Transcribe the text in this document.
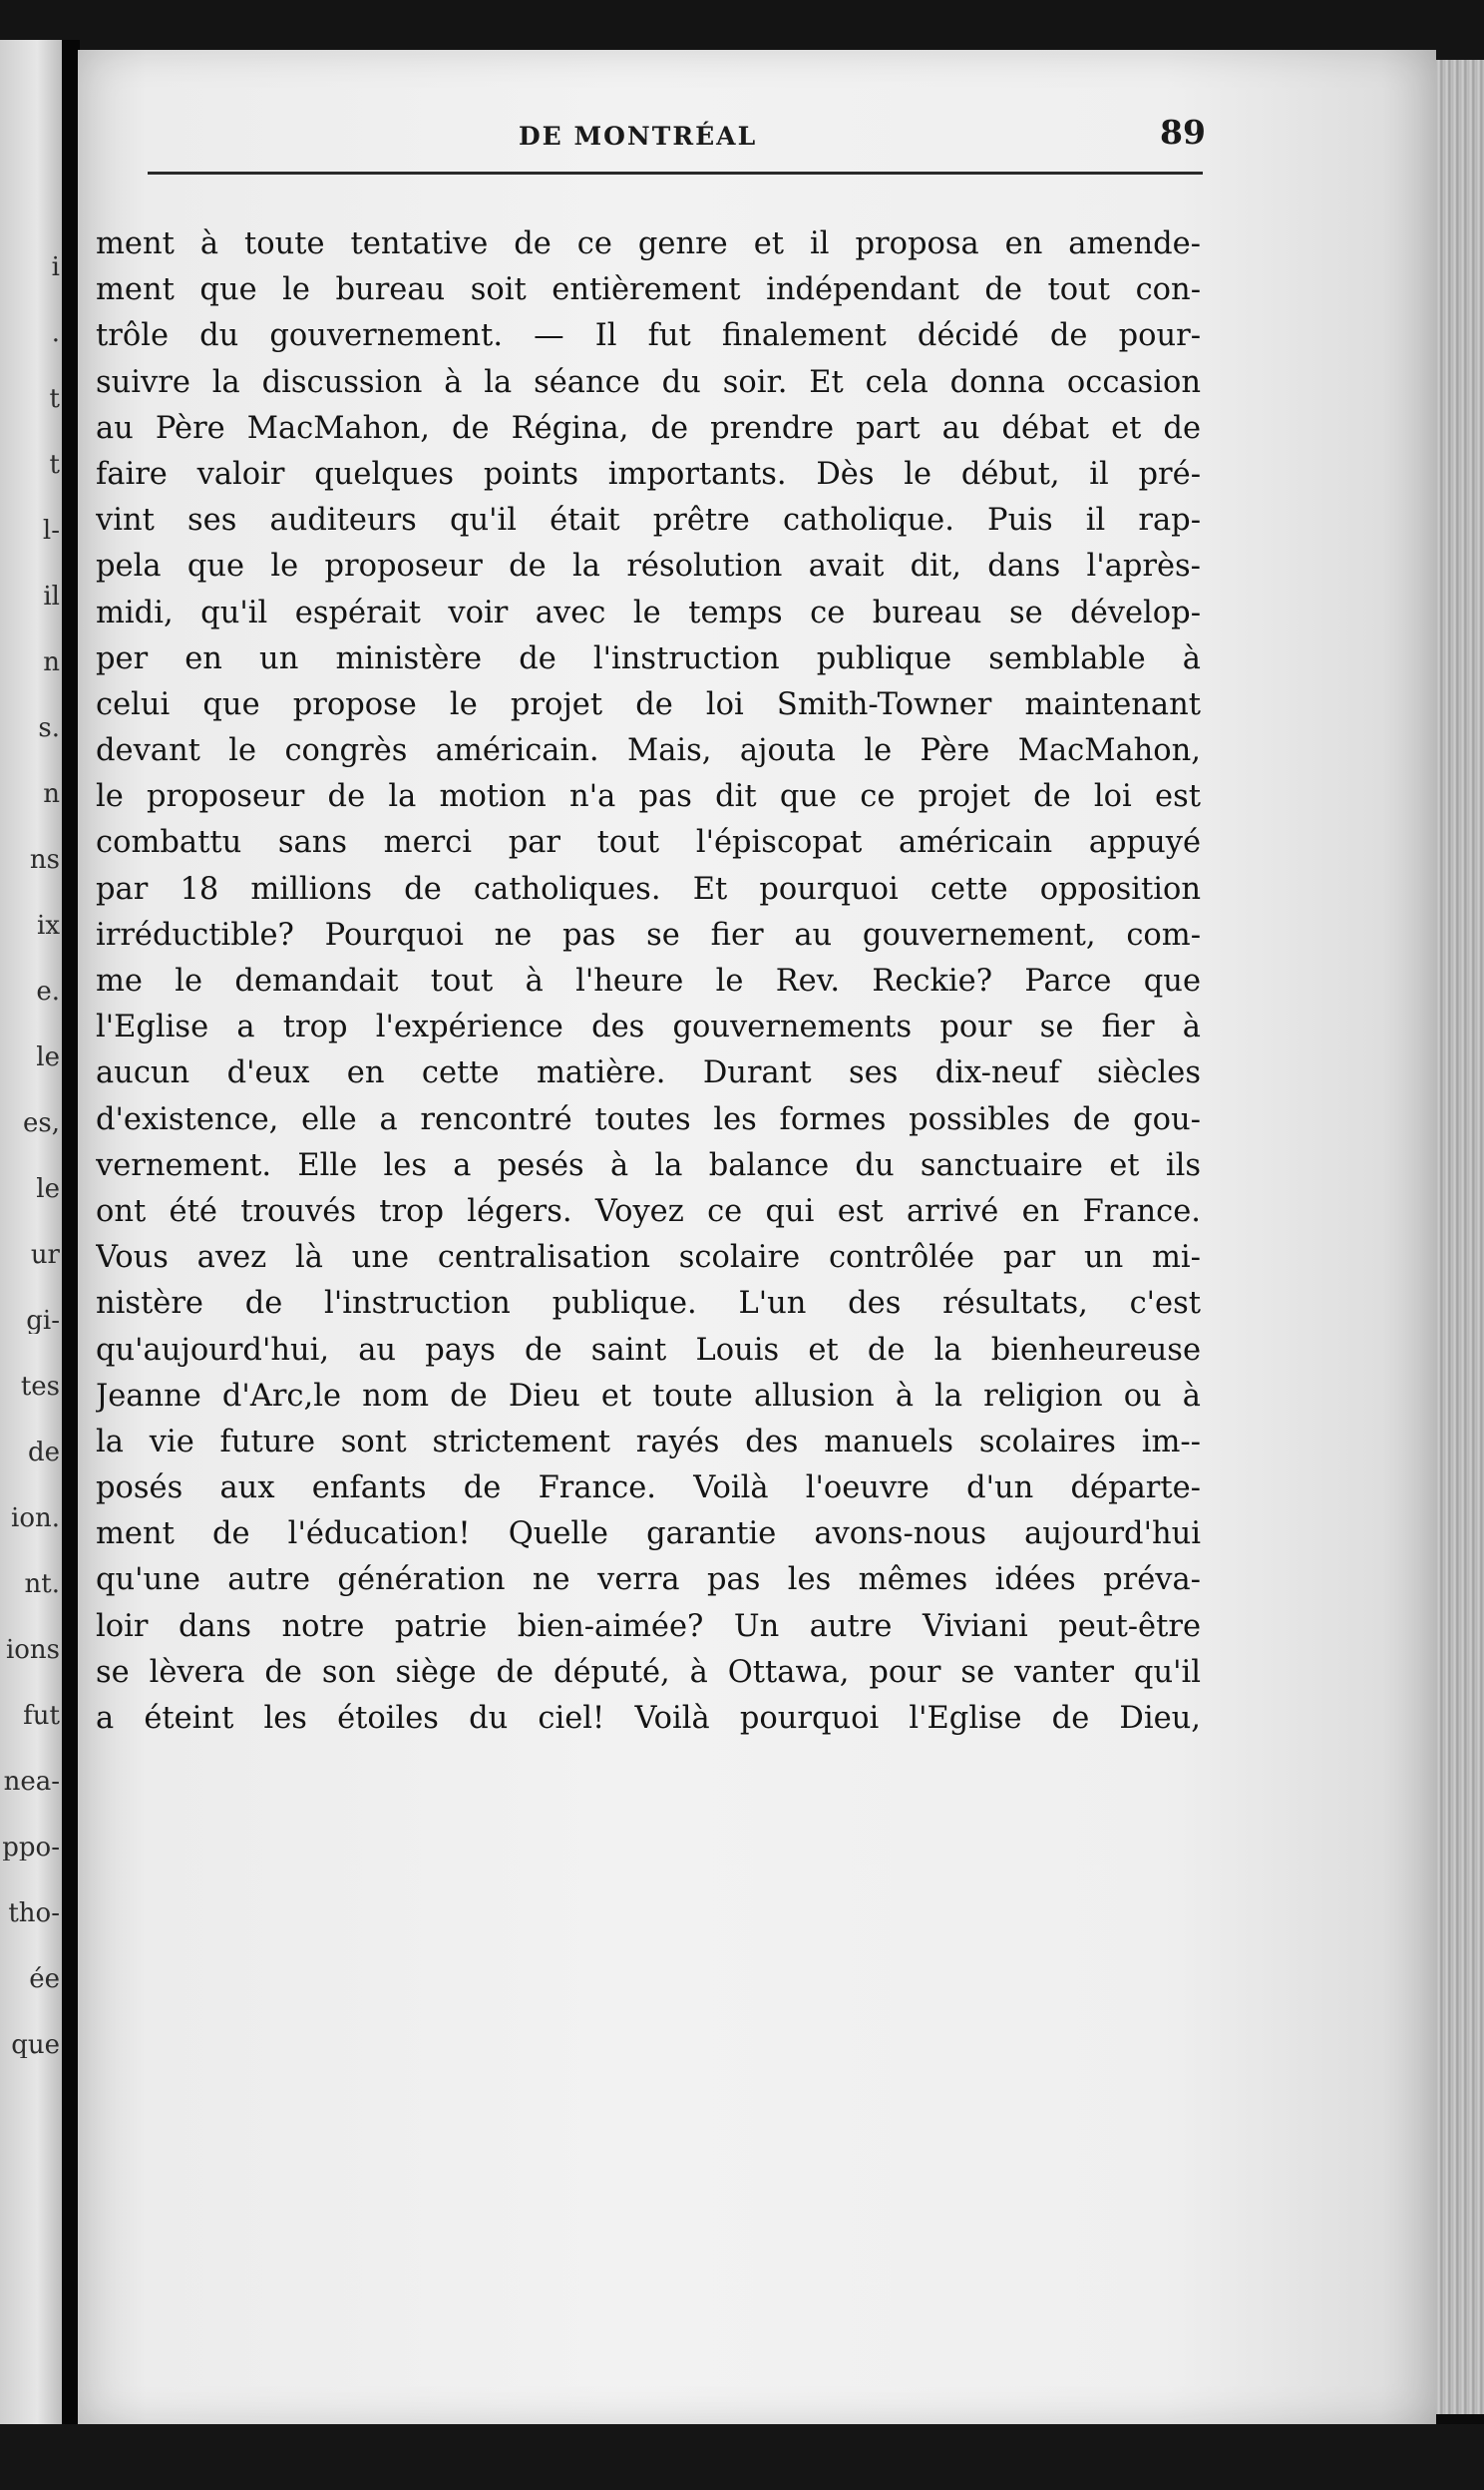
i
.
t
t
l-
il
n
s.
n
ns
ix
e.
le
es,
le
ur
gi-
tes
de
ion.
nt.
ions
fut
nea-
ppo-
tho-
ée
que
DE MONTRÉAL	89
ment à toute tentative de ce genre et il proposa en amende-
ment que le bureau soit entièrement indépendant de tout con-
trôle du gouvernement. — Il fut finalement décidé de pour-
suivre la discussion à la séance du soir. Et cela donna occasion
au Père MacMahon, de Régina, de prendre part au débat et de
faire valoir quelques points importants. Dès le début, il pré-
vint ses auditeurs qu'il était prêtre catholique. Puis il rap-
pela que le proposeur de la résolution avait dit, dans l'après-
midi, qu'il espérait voir avec le temps ce bureau se dévelop-
per en un ministère de l'instruction publique semblable à
celui que propose le projet de loi Smith-Towner maintenant
devant le congrès américain. Mais, ajouta le Père MacMahon,
le proposeur de la motion n'a pas dit que ce projet de loi est
combattu sans merci par tout l'épiscopat américain appuyé
par 18 millions de catholiques. Et pourquoi cette opposition
irréductible? Pourquoi ne pas se fier au gouvernement, com-
me le demandait tout à l'heure le Rev. Reckie? Parce que
l'Eglise a trop l'expérience des gouvernements pour se fier à
aucun d'eux en cette matière. Durant ses dix-neuf siècles
d'existence, elle a rencontré toutes les formes possibles de gou-
vernement. Elle les a pesés à la balance du sanctuaire et ils
ont été trouvés trop légers. Voyez ce qui est arrivé en France.
Vous avez là une centralisation scolaire contrôlée par un mi-
nistère de l'instruction publique. L'un des résultats, c'est
qu'aujourd'hui, au pays de saint Louis et de la bienheureuse
Jeanne d'Arc,le nom de Dieu et toute allusion à la religion ou à
la vie future sont strictement rayés des manuels scolaires im--
posés aux enfants de France. Voilà l'oeuvre d'un départe-
ment de l'éducation! Quelle garantie avons-nous aujourd'hui
qu'une autre génération ne verra pas les mêmes idées préva-
loir dans notre patrie bien-aimée? Un autre Viviani peut-être
se lèvera de son siège de député, à Ottawa, pour se vanter qu'il
a éteint les étoiles du ciel! Voilà pourquoi l'Eglise de Dieu,
